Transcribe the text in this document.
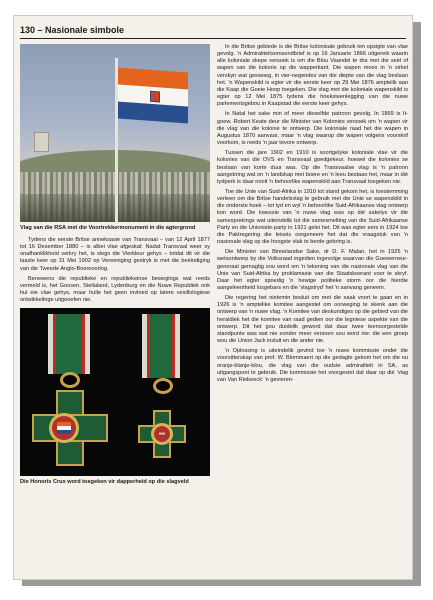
130 – Nasionale simbole
Vlag van die RSA met die Voortrekkermonument in die agtergrond

Tydens die eerste Britse anneksasie van Transvaal – van 12 April 1877 tot 16 Desember 1880 – is albei vlae afgeskaf. Nadat Transvaal weer sy onafhanklikheid verkry het, is slegs die Vierkleur gehys – totdat dit vir die laaste keer op 31 Mei 1902 op Vereeniging gestryk is met die beëindiging van die Tweede Anglo-Boereoorlog.

Benewens die republieke en republiekeinse bewegings wat reeds vermeld is, het Goosen, Stellaland, Lydenburg en die Nuwe Republiek ook hul eie vlae gehys, maar hulle het geen invloed op latere vexillologiese ontwikkelinge uitgeoefen nie.

Die Honoris Crux word toegeken vir dapperheid op die slagveld

In die Britse gebiede is die Britse kolonisale gebruik ten opsigte van vlae gevolg. 'n Admiraliteitsomsendbrief is op 16 Januarie 1866 uitgereik waarin alle koloniale skepe versoek is om die Blou Vaandel te dra met die seël of wapen van die kolonie op die wapperkant. Die wapen moes in 'n sirkel verskyn wat geswoeg, in vier-negendes van die diepte van die vlag beslaan het. 'n Wapenskild is egter vir die eerste keer op 29 Mei 1876 amptelik aan die Kaap die Goeie Hoop toegeken. Die vlag met die koloniale wapenskild is egter op 12 Mei 1875 tydens die hoeksteenlegging van die nuwe parlementsgebou in Kaapstad die eerste keer gehys.

In Natal het sake min of meer dieselfde patroon gevolg. In 1869 is It-goew. Robert Keate deur die Minister van Kolonies versoek om 'n wapen vir die vlag van die kolonie te ontwerp. Die koloniale raad het die wapen in Augustus 1870 aanvaar, maar 'n vlag waarop die wapen volgens voorskrif voorkom, is reeds 'n jaar tevore ontwerp.

Tussen die jare 1902 en 1910 is soortgelyke koloniale vlae vir die kolonies van die OVS en Transvaal goedgekeur, hoewel die kolonies se bestaan van korte duur was. Op die Transvaalse vlag is 'n patroon aangebring wat on 'n landskap met boere en 'n leeu bestaan het, maar in dié tydperk is daar nooit 'n behoorlike wapenskild aan Transvaal toegeken nie.

Toe die Unie van Suid-Afrika in 1910 tot stand gekom het, is toestemming verleen om die Britse handelsvlag te gebruik met die Unie se wapenskild in die onderste hoek – tot tyd en wyl 'n behoorlike Suid-Afrikaanse vlag ontwerp kon word. Die kwessie van 'n nuwe vlag was op dié sakelys vir die samesprekings wat uiteindelik tot die samesmelting van die Suid-Afrikaanse Party en die Unioniste-party in 1921 gelei het. Dit was egter eers in 1924 toe die Paktregering die leiseis oorgeneem het dat die vraagstuk van 'n nasionale vlag op die hoogste vlak te berde gebring is.

Die Minister van Binnelandse Sake, dr D. F. Malan, het in 1925 'n wetsontwerp by die Volksraad ingedien ingevolge waarvan die Goewerneur-generaal gemagtig sou word om 'n tekening van die nasionale vlag van die Unie van Suid-Afrika by proklamasie van die Staatskoerant voor te skryf. Daar het egter spoedig 'n hewige politieke storm oor die hierdie aangeleentheid losgebars en die 'vlagstryd' het 'n aanvang geneem.

Die regering het nietemin besluit om met die saak voort te gaan en in 1926 is 'n amptelike komitee aangestel om oorweging te skenk aan die ontwerp van 'n nuwe vlag. 'n Komitee van deskundiges op die gebied van die heraldiek het die komitee van raad gedien oor die tegniese aspekte van die ontwerp. Dit het gou duidelik geword dat daar twee teenoorgestelde standpunte was wat nie sonder meer versoen sou word nie: die een groep wou die Union Jack insluit en die ander nie.

'n Oplossing is uiteindelik gevind toe 'n nuwe kommissie onder die voorsitterskap van prof. W. Blommaert op die gedagte gekom het om die ou oranje-blanje-blou, die vlag van die oudste admiraliteit in SA, as uitgangspunt te gebruik. Die kommissie het voorgestel dat daar op dié 'vlag van Van Riebeeck' 'n gevieren-
